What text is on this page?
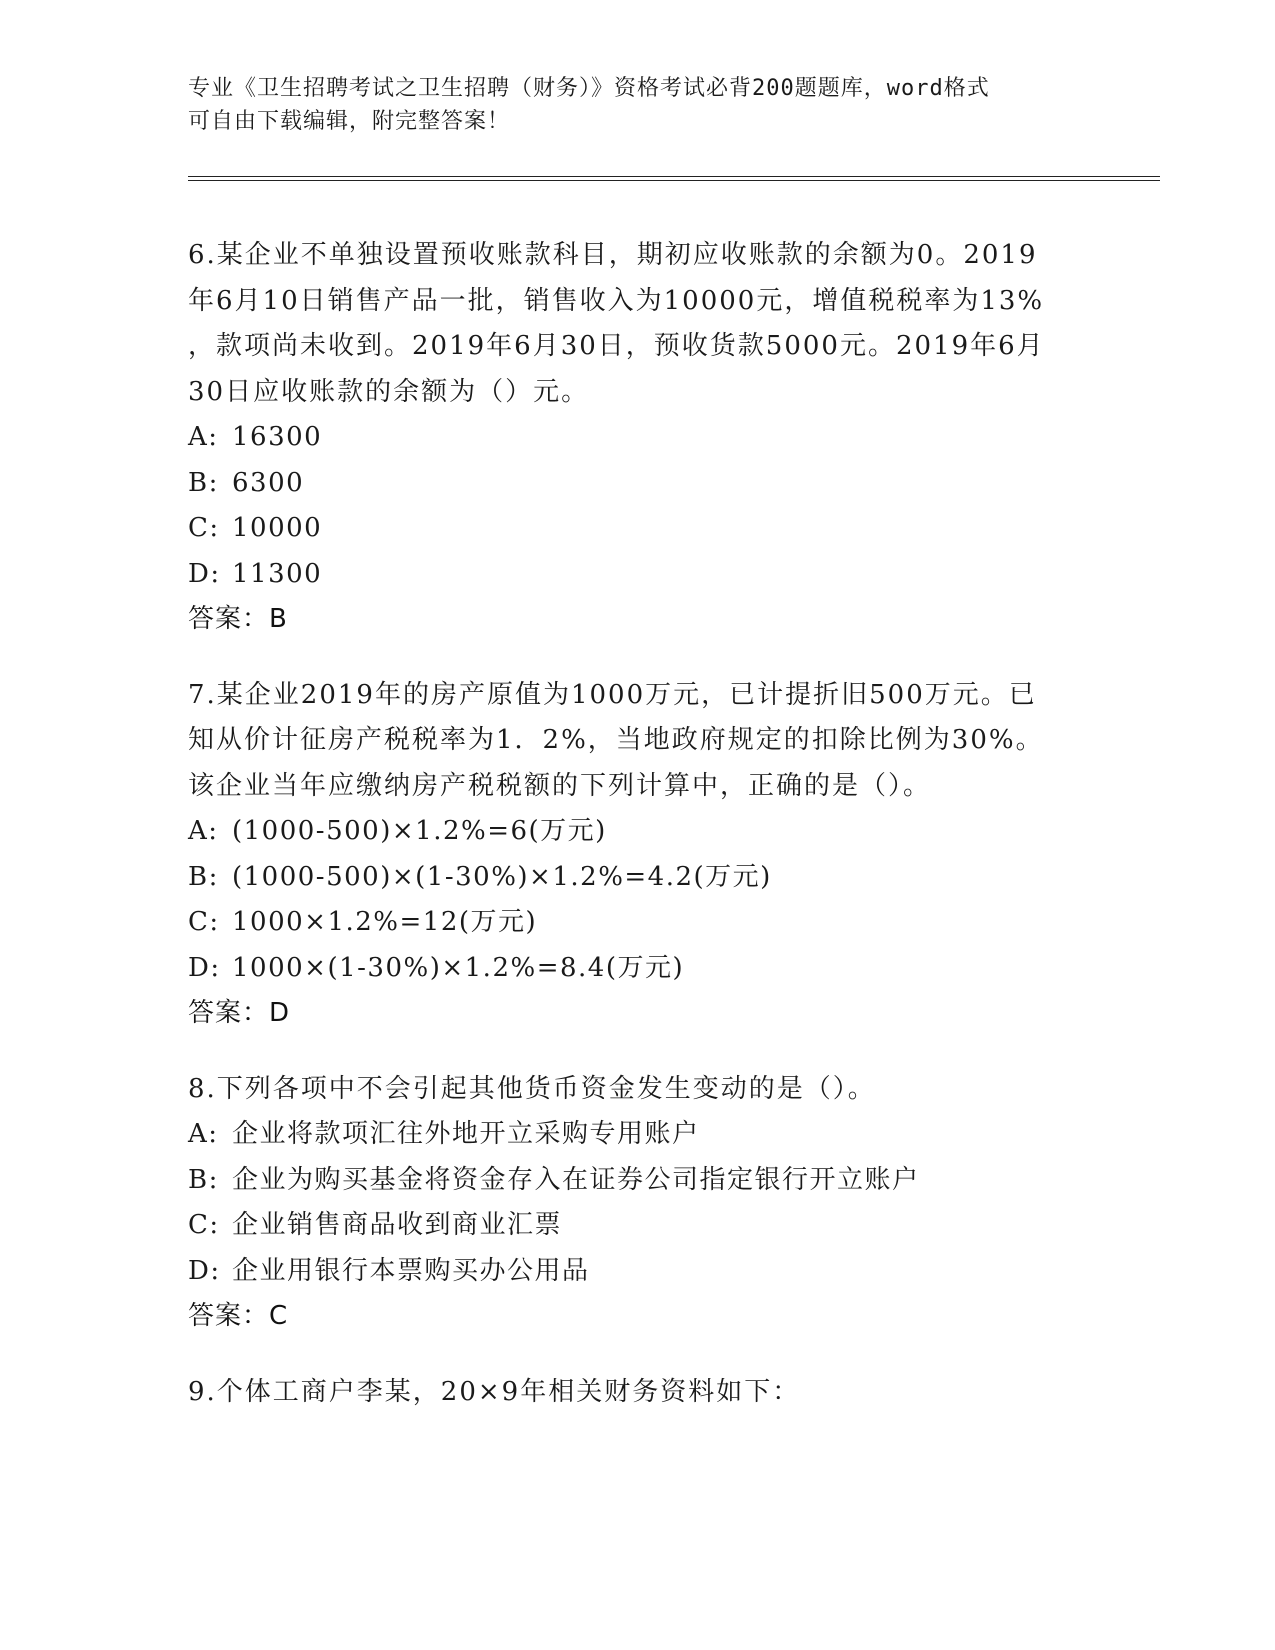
专业《卫生招聘考试之卫生招聘（财务）》资格考试必背200题题库，word格式
可自由下载编辑，附完整答案！
6.某企业不单独设置预收账款科目，期初应收账款的余额为0。2019
年6月10日销售产品一批，销售收入为10000元，增值税税率为13%
，款项尚未收到。2019年6月30日，预收货款5000元。2019年6月
30日应收账款的余额为（）元。
A: 16300
B: 6300
C: 10000
D: 11300
答案：B
7.某企业2019年的房产原值为1000万元，已计提折旧500万元。已
知从价计征房产税税率为1．2%，当地政府规定的扣除比例为30%。
该企业当年应缴纳房产税税额的下列计算中，正确的是（）。
A: (1000-500)×1.2%=6(万元)
B: (1000-500)×(1-30%)×1.2%=4.2(万元)
C: 1000×1.2%=12(万元)
D: 1000×(1-30%)×1.2%=8.4(万元)
答案：D
8.下列各项中不会引起其他货币资金发生变动的是（）。
A: 企业将款项汇往外地开立采购专用账户
B: 企业为购买基金将资金存入在证券公司指定银行开立账户
C: 企业销售商品收到商业汇票
D: 企业用银行本票购买办公用品
答案：C
9.个体工商户李某，20×9年相关财务资料如下：
